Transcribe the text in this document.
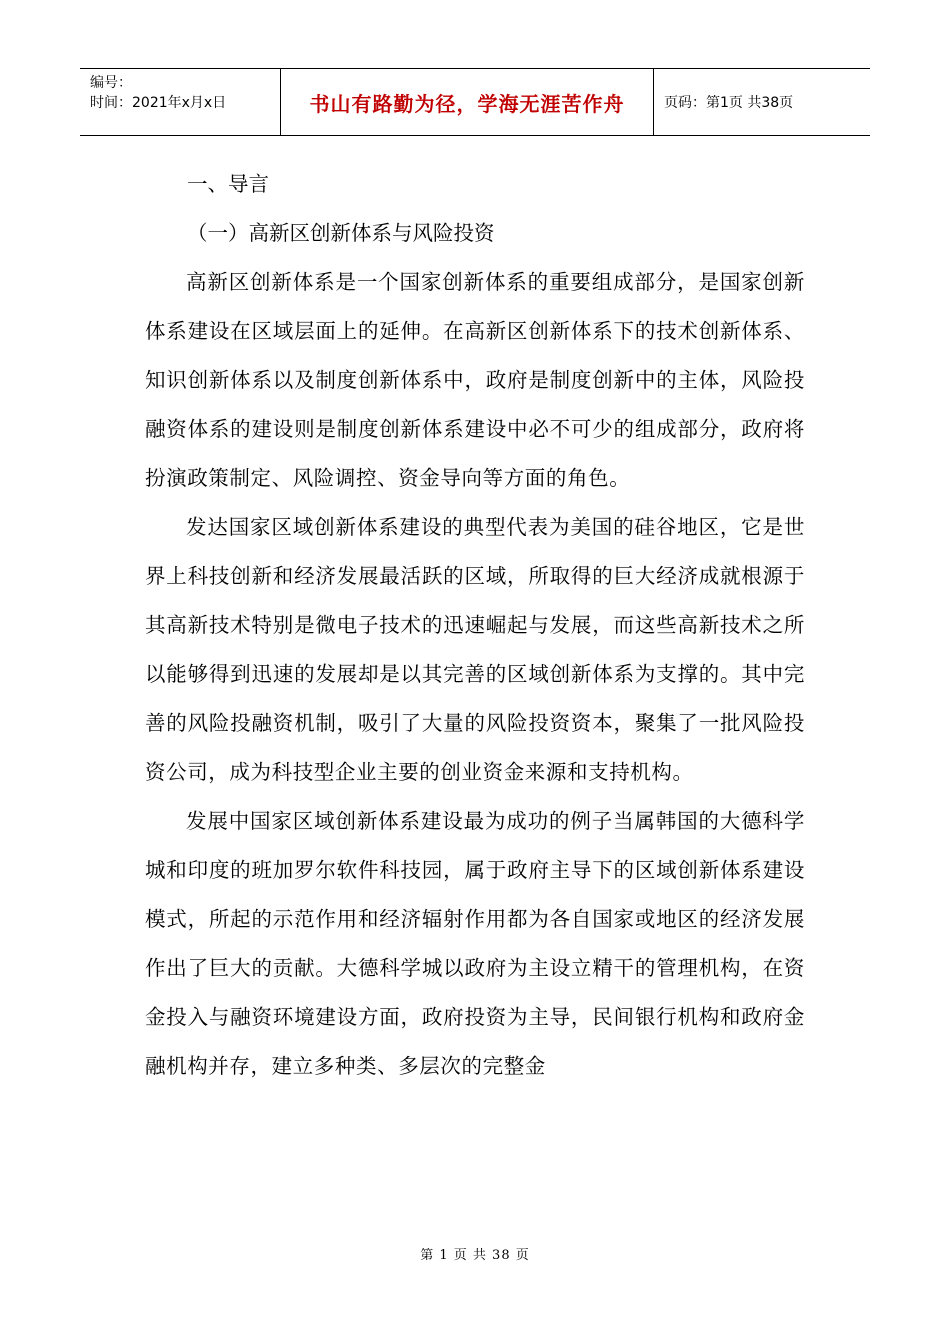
编号：
时间：2021年x月x日	书山有路勤为径，学海无涯苦作舟	页码：第1页 共38页

一、导言

（一）高新区创新体系与风险投资

高新区创新体系是一个国家创新体系的重要组成部分，是国家创新体系建设在区域层面上的延伸。在高新区创新体系下的技术创新体系、知识创新体系以及制度创新体系中，政府是制度创新中的主体，风险投融资体系的建设则是制度创新体系建设中必不可少的组成部分，政府将扮演政策制定、风险调控、资金导向等方面的角色。

发达国家区域创新体系建设的典型代表为美国的硅谷地区，它是世界上科技创新和经济发展最活跃的区域，所取得的巨大经济成就根源于其高新技术特别是微电子技术的迅速崛起与发展，而这些高新技术之所以能够得到迅速的发展却是以其完善的区域创新体系为支撑的。其中完善的风险投融资机制，吸引了大量的风险投资资本，聚集了一批风险投资公司，成为科技型企业主要的创业资金来源和支持机构。

发展中国家区域创新体系建设最为成功的例子当属韩国的大德科学城和印度的班加罗尔软件科技园，属于政府主导下的区域创新体系建设模式，所起的示范作用和经济辐射作用都为各自国家或地区的经济发展作出了巨大的贡献。大德科学城以政府为主设立精干的管理机构，在资金投入与融资环境建设方面，政府投资为主导，民间银行机构和政府金融机构并存，建立多种类、多层次的完整金

第 1 页 共 38 页
